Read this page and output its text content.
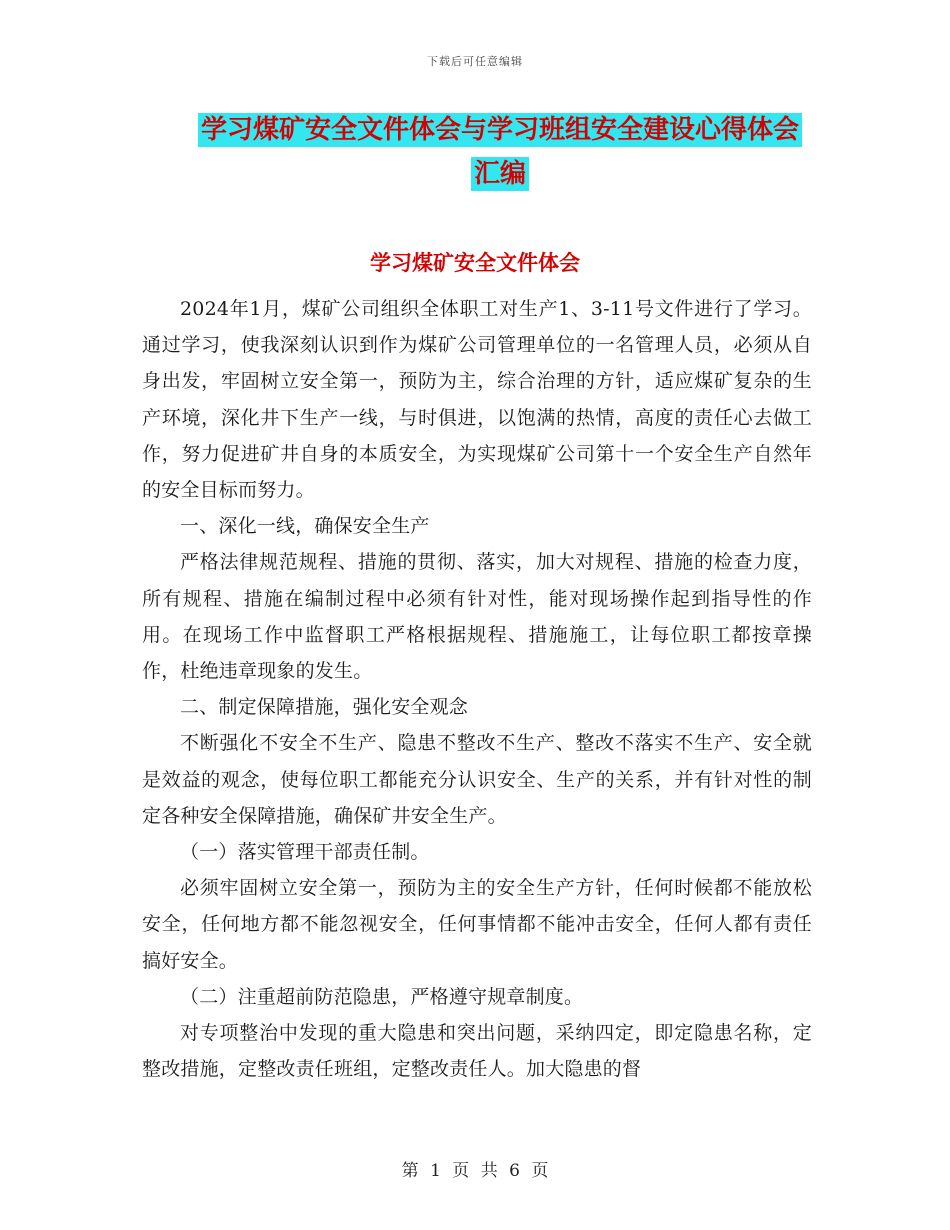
下载后可任意编辑
学习煤矿安全文件体会与学习班组安全建设心得体会
汇编
学习煤矿安全文件体会

2024年1月，煤矿公司组织全体职工对生产1、3-11号文件进行了学习。通过学习，使我深刻认识到作为煤矿公司管理单位的一名管理人员，必须从自身出发，牢固树立安全第一，预防为主，综合治理的方针，适应煤矿复杂的生产环境，深化井下生产一线，与时俱进，以饱满的热情，高度的责任心去做工作，努力促进矿井自身的本质安全，为实现煤矿公司第十一个安全生产自然年的安全目标而努力。

一、深化一线，确保安全生产

严格法律规范规程、措施的贯彻、落实，加大对规程、措施的检查力度，所有规程、措施在编制过程中必须有针对性，能对现场操作起到指导性的作用。在现场工作中监督职工严格根据规程、措施施工，让每位职工都按章操作，杜绝违章现象的发生。

二、制定保障措施，强化安全观念

不断强化不安全不生产、隐患不整改不生产、整改不落实不生产、安全就是效益的观念，使每位职工都能充分认识安全、生产的关系，并有针对性的制定各种安全保障措施，确保矿井安全生产。

（一）落实管理干部责任制。

必须牢固树立安全第一，预防为主的安全生产方针，任何时候都不能放松安全，任何地方都不能忽视安全，任何事情都不能冲击安全，任何人都有责任搞好安全。

（二）注重超前防范隐患，严格遵守规章制度。

对专项整治中发现的重大隐患和突出问题，采纳四定，即定隐患名称，定整改措施，定整改责任班组，定整改责任人。加大隐患的督

第 1 页 共 6 页
